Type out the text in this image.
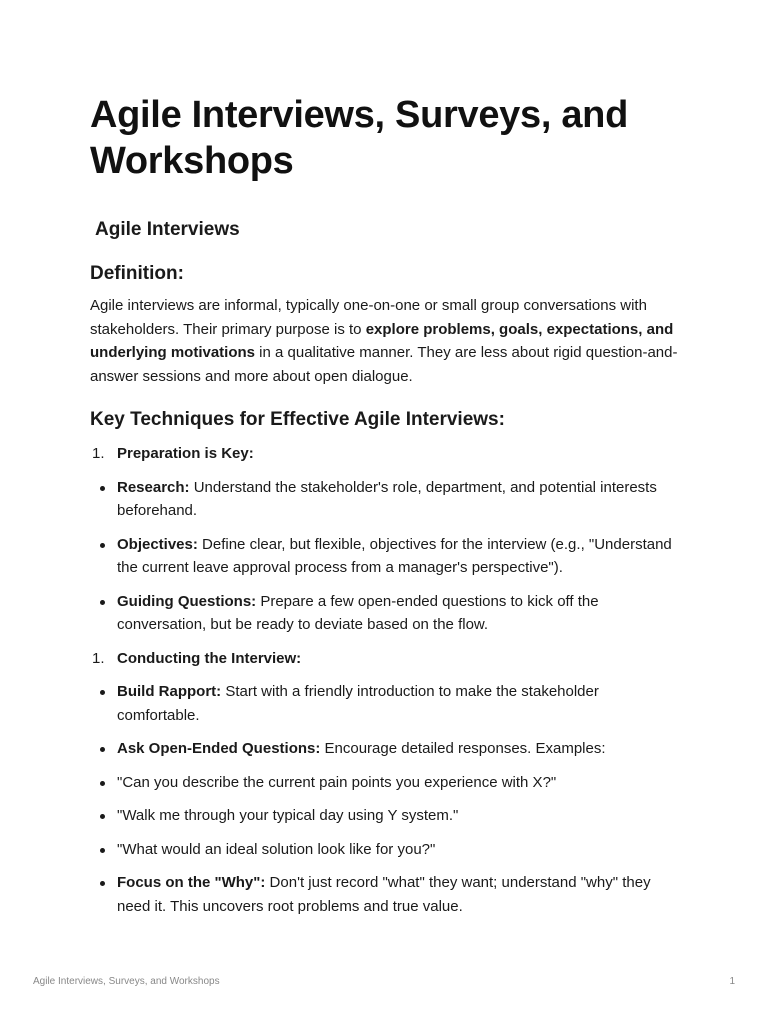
Agile Interviews, Surveys, and Workshops
Agile Interviews
Definition:

Agile interviews are informal, typically one-on-one or small group conversations with stakeholders. Their primary purpose is to explore problems, goals, expectations, and underlying motivations in a qualitative manner. They are less about rigid question-and-answer sessions and more about open dialogue.

Key Techniques for Effective Agile Interviews:
1. Preparation is Key:
Research: Understand the stakeholder's role, department, and potential interests beforehand.
Objectives: Define clear, but flexible, objectives for the interview (e.g., "Understand the current leave approval process from a manager's perspective").
Guiding Questions: Prepare a few open-ended questions to kick off the conversation, but be ready to deviate based on the flow.
1. Conducting the Interview:
Build Rapport: Start with a friendly introduction to make the stakeholder comfortable.
Ask Open-Ended Questions: Encourage detailed responses. Examples:
"Can you describe the current pain points you experience with X?"
"Walk me through your typical day using Y system."
"What would an ideal solution look like for you?"
Focus on the "Why": Don't just record "what" they want; understand "why" they need it. This uncovers root problems and true value.
Agile Interviews, Surveys, and Workshops	1
